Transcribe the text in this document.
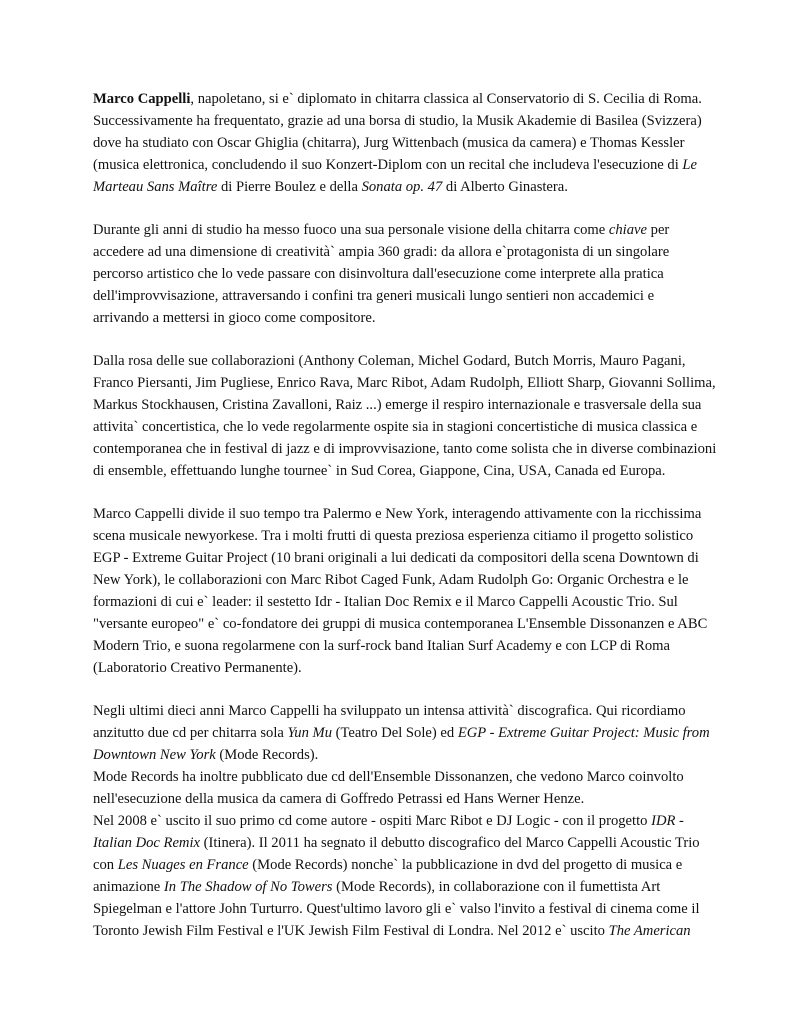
Marco Cappelli, napoletano, si e` diplomato in chitarra classica al Conservatorio di S. Cecilia di Roma.
Successivamente ha frequentato, grazie ad una borsa di studio, la Musik Akademie di Basilea (Svizzera)
dove ha studiato con Oscar Ghiglia (chitarra), Jurg Wittenbach (musica da camera) e Thomas Kessler
(musica elettronica, concludendo il suo Konzert-Diplom con un recital che includeva l'esecuzione di Le
Marteau Sans Maître di Pierre Boulez e della Sonata op. 47 di Alberto Ginastera.

Durante gli anni di studio ha messo fuoco una sua personale visione della chitarra come chiave per
accedere ad una dimensione di creatività` ampia 360 gradi: da allora e`protagonista di un singolare
percorso artistico che lo vede passare con disinvoltura dall'esecuzione come interprete alla pratica
dell'improvvisazione, attraversando i confini tra generi musicali lungo sentieri non accademici e
arrivando a mettersi in gioco come compositore.

Dalla rosa delle sue collaborazioni (Anthony Coleman, Michel Godard, Butch Morris, Mauro Pagani,
Franco Piersanti, Jim Pugliese, Enrico Rava, Marc Ribot, Adam Rudolph, Elliott Sharp, Giovanni Sollima,
Markus Stockhausen, Cristina Zavalloni, Raiz ...) emerge il respiro internazionale e trasversale della sua
attivita` concertistica, che lo vede regolarmente ospite sia in stagioni concertistiche di musica classica e
contemporanea che in festival di jazz e di improvvisazione, tanto come solista che in diverse combinazioni
di ensemble, effettuando lunghe tournee` in Sud Corea, Giappone, Cina, USA, Canada ed Europa.

Marco Cappelli divide il suo tempo tra Palermo e New York, interagendo attivamente con la ricchissima
scena musicale newyorkese. Tra i molti frutti di questa preziosa esperienza citiamo il progetto solistico
EGP - Extreme Guitar Project (10 brani originali a lui dedicati da compositori della scena Downtown di
New York), le collaborazioni con Marc Ribot Caged Funk, Adam Rudolph Go: Organic Orchestra e le
formazioni di cui e` leader: il sestetto Idr - Italian Doc Remix e il Marco Cappelli Acoustic Trio. Sul
"versante europeo" e` co-fondatore dei gruppi di musica contemporanea L'Ensemble Dissonanzen e ABC
Modern Trio, e suona regolarmene con la surf-rock band Italian Surf Academy e con LCP di Roma
(Laboratorio Creativo Permanente).

Negli ultimi dieci anni Marco Cappelli ha sviluppato un intensa attività` discografica. Qui ricordiamo
anzitutto due cd per chitarra sola Yun Mu (Teatro Del Sole) ed EGP - Extreme Guitar Project: Music from
Downtown New York (Mode Records).
Mode Records ha inoltre pubblicato due cd dell'Ensemble Dissonanzen, che vedono Marco coinvolto
nell'esecuzione della musica da camera di Goffredo Petrassi ed Hans Werner Henze.
Nel 2008 e` uscito il suo primo cd come autore - ospiti Marc Ribot e DJ Logic - con il progetto IDR -
Italian Doc Remix (Itinera). Il 2011 ha segnato il debutto discografico del Marco Cappelli Acoustic Trio
con Les Nuages en France (Mode Records) nonche` la pubblicazione in dvd del progetto di musica e
animazione In The Shadow of No Towers (Mode Records), in collaborazione con il fumettista Art
Spiegelman e l'attore John Turturro. Quest'ultimo lavoro gli e` valso l'invito a festival di cinema come il
Toronto Jewish Film Festival e l'UK Jewish Film Festival di Londra. Nel 2012 e` uscito The American
